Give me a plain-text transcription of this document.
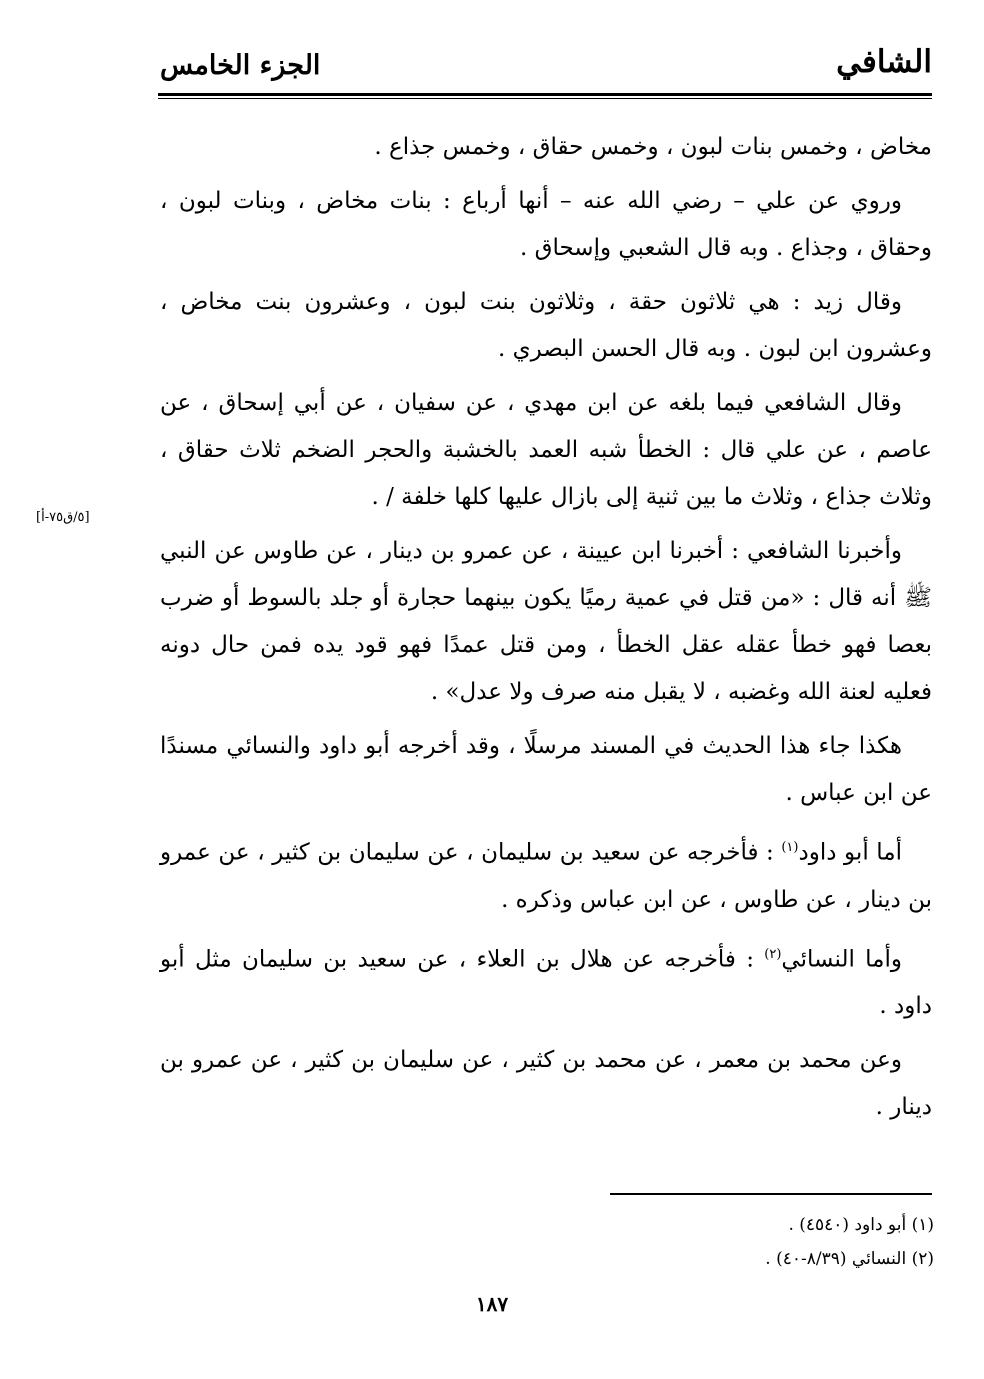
الشافي
الجزء الخامس
[٥/ق٧٥-أ]

مخاض ، وخمس بنات لبون ، وخمس حقاق ، وخمس جذاع .

وروي عن علي – رضي الله عنه – أنها أرباع : بنات مخاض ، وبنات لبون ، وحقاق ، وجذاع . وبه قال الشعبي وإسحاق .

وقال زيد : هي ثلاثون حقة ، وثلاثون بنت لبون ، وعشرون بنت مخاض ، وعشرون ابن لبون . وبه قال الحسن البصري .

وقال الشافعي فيما بلغه عن ابن مهدي ، عن سفيان ، عن أبي إسحاق ، عن عاصم ، عن علي قال : الخطأ شبه العمد بالخشبة والحجر الضخم ثلاث حقاق ، وثلاث جذاع ، وثلاث ما بين ثنية إلى بازال عليها كلها خلفة / .

وأخبرنا الشافعي : أخبرنا ابن عيينة ، عن عمرو بن دينار ، عن طاوس عن النبي ﷺ أنه قال : «من قتل في عمية رميًا يكون بينهما حجارة أو جلد بالسوط أو ضرب بعصا فهو خطأ عقله عقل الخطأ ، ومن قتل عمدًا فهو قود يده فمن حال دونه فعليه لعنة الله وغضبه ، لا يقبل منه صرف ولا عدل» .

هكذا جاء هذا الحديث في المسند مرسلًا ، وقد أخرجه أبو داود والنسائي مسندًا عن ابن عباس .

أما أبو داود$^{(١)}$ : فأخرجه عن سعيد بن سليمان ، عن سليمان بن كثير ، عن عمرو بن دينار ، عن طاوس ، عن ابن عباس وذكره .

وأما النسائي$^{(٢)}$ : فأخرجه عن هلال بن العلاء ، عن سعيد بن سليمان مثل أبو داود .

وعن محمد بن معمر ، عن محمد بن كثير ، عن سليمان بن كثير ، عن عمرو بن دينار .

(١) أبو داود (٤٥٤٠) .

(٢) النسائي (٨/٣٩-٤٠) .

١٨٧
